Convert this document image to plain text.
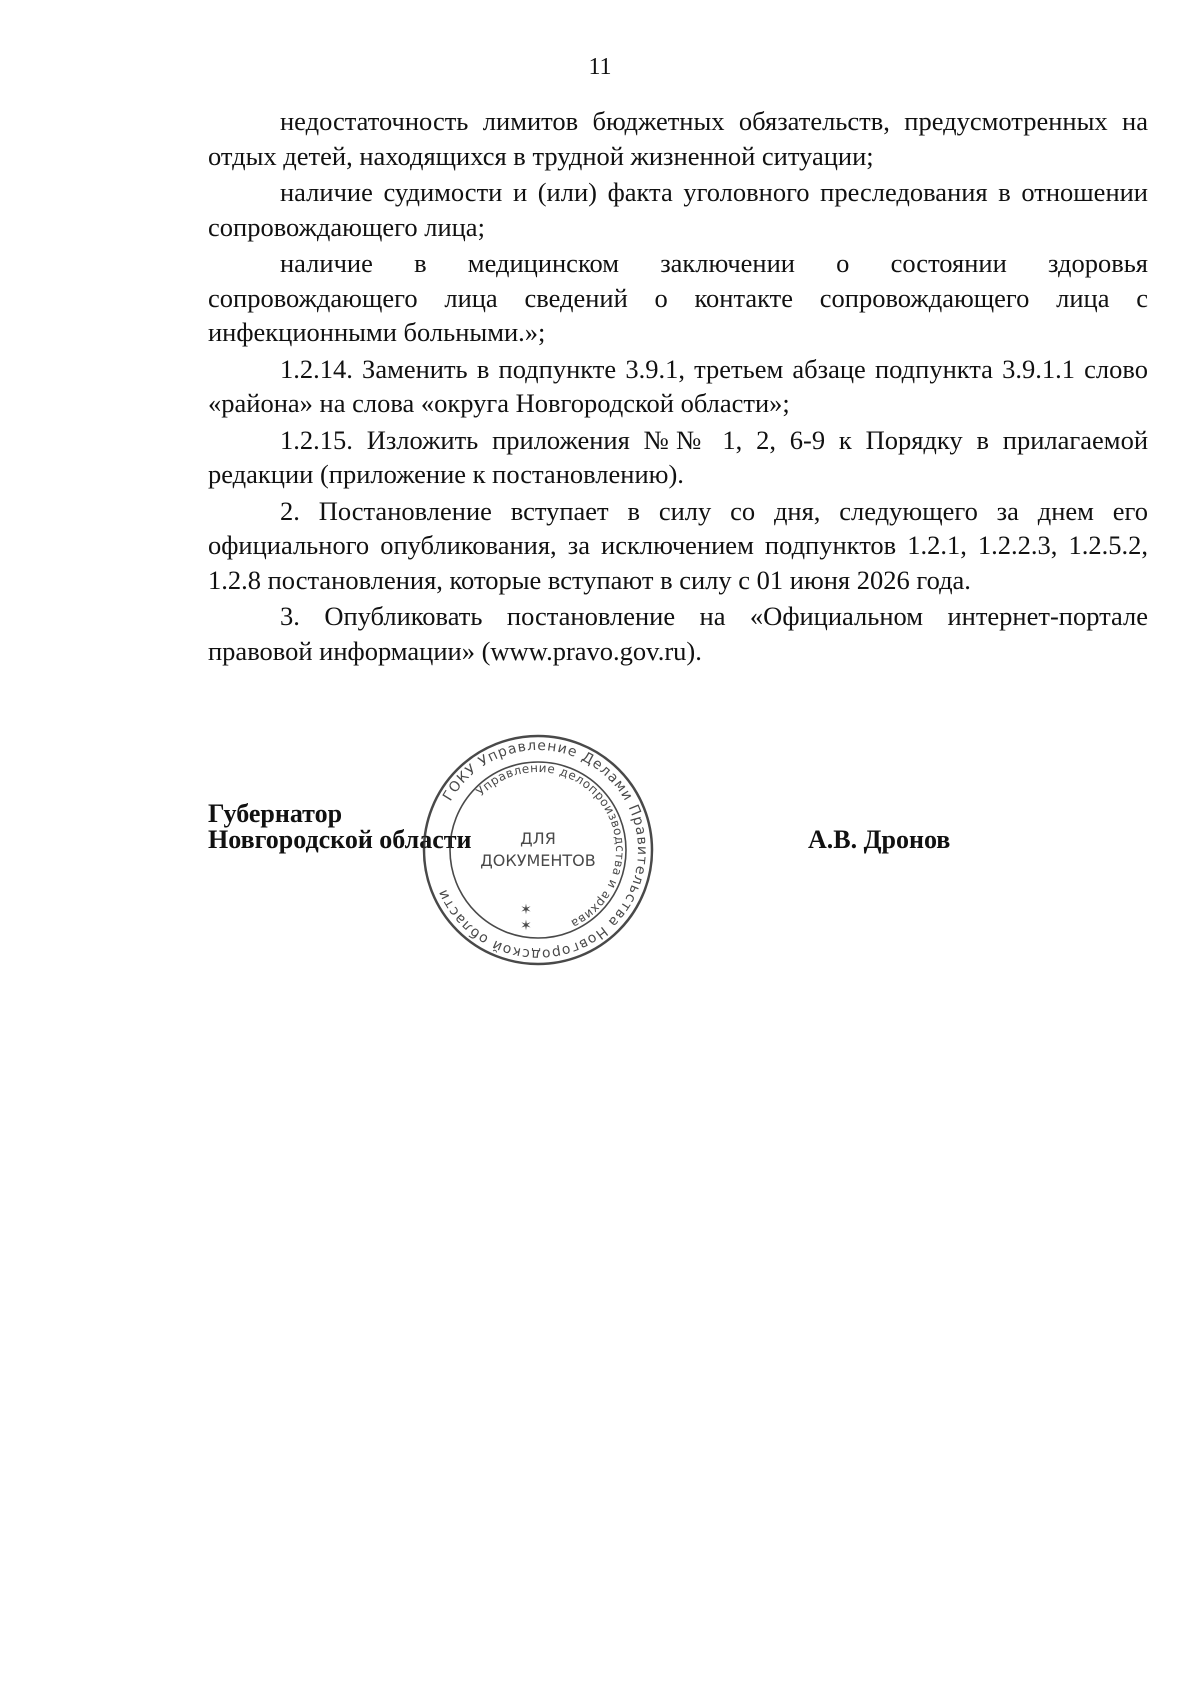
11

недостаточность лимитов бюджетных обязательств, предусмотренных на отдых детей, находящихся в трудной жизненной ситуации;

наличие судимости и (или) факта уголовного преследования в отношении сопровождающего лица;

наличие в медицинском заключении о состоянии здоровья сопровождающего лица сведений о контакте сопровождающего лица с инфекционными больными.»;

1.2.14. Заменить в подпункте 3.9.1, третьем абзаце подпункта 3.9.1.1 слово «района» на слова «округа Новгородской области»;

1.2.15. Изложить приложения №№ 1, 2, 6-9 к Порядку в прилагаемой редакции (приложение к постановлению).

2. Постановление вступает в силу со дня, следующего за днем его официального опубликования, за исключением подпунктов 1.2.1, 1.2.2.3, 1.2.5.2, 1.2.8 постановления, которые вступают в силу с 01 июня 2026 года.

3. Опубликовать постановление на «Официальном интернет-портале правовой информации» (www.pravo.gov.ru).

Губернатор
Новгородской области	А.В. Дронов
ГОКУ Управление Делами Правительства Новгородской области
Управление делопроизводства и архива
ДЛЯ
ДОКУМЕНТОВ
✶
✶
